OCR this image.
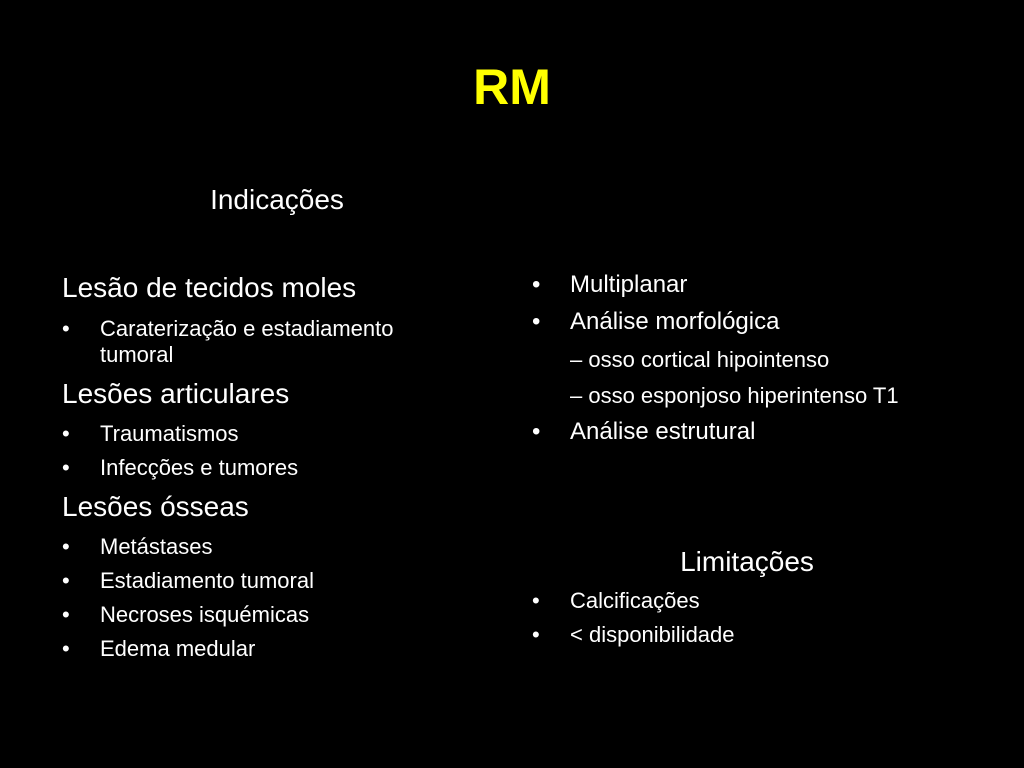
RM
Indicações
Lesão de tecidos moles
•	Caraterização e estadiamento
tumoral
Lesões articulares
•	Traumatismos
•	Infecções e tumores
Lesões ósseas
•	Metástases
•	Estadiamento tumoral
•	Necroses isquémicas
•	Edema medular
•	Multiplanar
•	Análise morfológica
– osso cortical hipointenso
– osso esponjoso hiperintenso T1
•	Análise estrutural
Limitações
•	Calcificações
•	< disponibilidade
